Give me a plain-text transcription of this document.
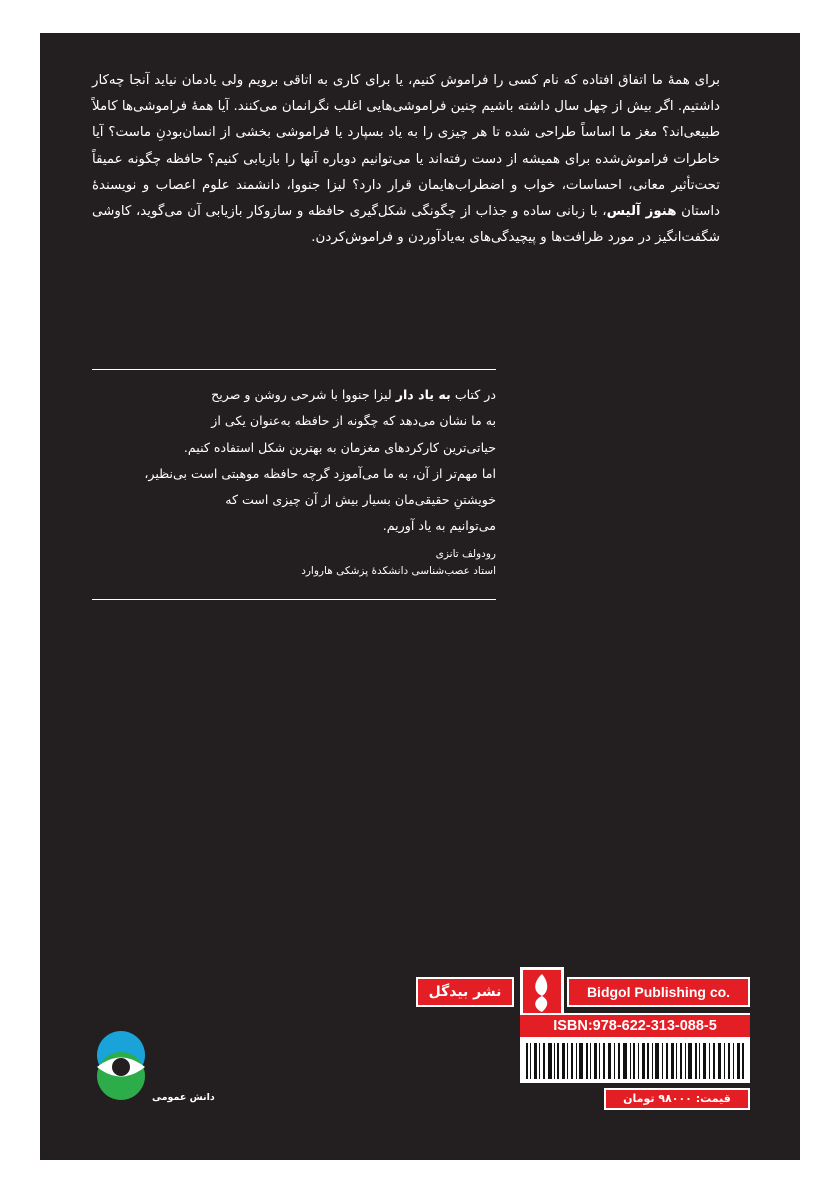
برای همهٔ ما اتفاق افتاده که نام کسی را فراموش کنیم، یا برای کاری به اتاقی برویم ولی یادمان نیاید آنجا چه‌کار داشتیم. اگر بیش از چهل سال داشته باشیم چنین فراموشی‌هایی اغلب نگرانمان می‌کنند. آیا همهٔ فراموشی‌ها کاملاً طبیعی‌اند؟ مغز ما اساساً طراحی شده تا هر چیزی را به یاد بسپارد یا فراموشی بخشی از انسان‌بودنِ ماست؟ آیا خاطرات فراموش‌شده برای همیشه از دست رفته‌اند یا می‌توانیم دوباره آنها را بازیابی کنیم؟ حافظه چگونه عمیقاً تحت‌تأثیر معانی، احساسات، خواب و اضطراب‌هایمان قرار دارد؟ لیزا جنووا، دانشمند علوم اعصاب و نویسندهٔ داستان هنوز آلیس، با زبانی ساده و جذاب از چگونگی شکل‌گیری حافظه و سازوکار بازیابی آن می‌گوید، کاوشی شگفت‌انگیز در مورد ظرافت‌ها و پیچیدگی‌های به‌یادآوردن و فراموش‌کردن.

در کتاب به یاد دار لیزا جنووا با شرحی روشن و صریح

به ما نشان می‌دهد که چگونه از حافظه به‌عنوان یکی از

حیاتی‌ترین کارکردهای مغزمان به بهترین شکل استفاده کنیم.

اما مهم‌تر از آن، به ما می‌آموزد گرچه حافظه موهبتی است بی‌نظیر،

خویشتنِ حقیقی‌مان بسیار بیش از آن چیزی است که

می‌توانیم به یاد آوریم.

رودولف تانزی
استاد عصب‌شناسی دانشکدهٔ پزشکی هاروارد
دانش عمومی
نشر بیدگل	Bidgol Publishing co.
ISBN:978-622-313-088-5
قیمت: ۹۸۰۰۰ تومان
